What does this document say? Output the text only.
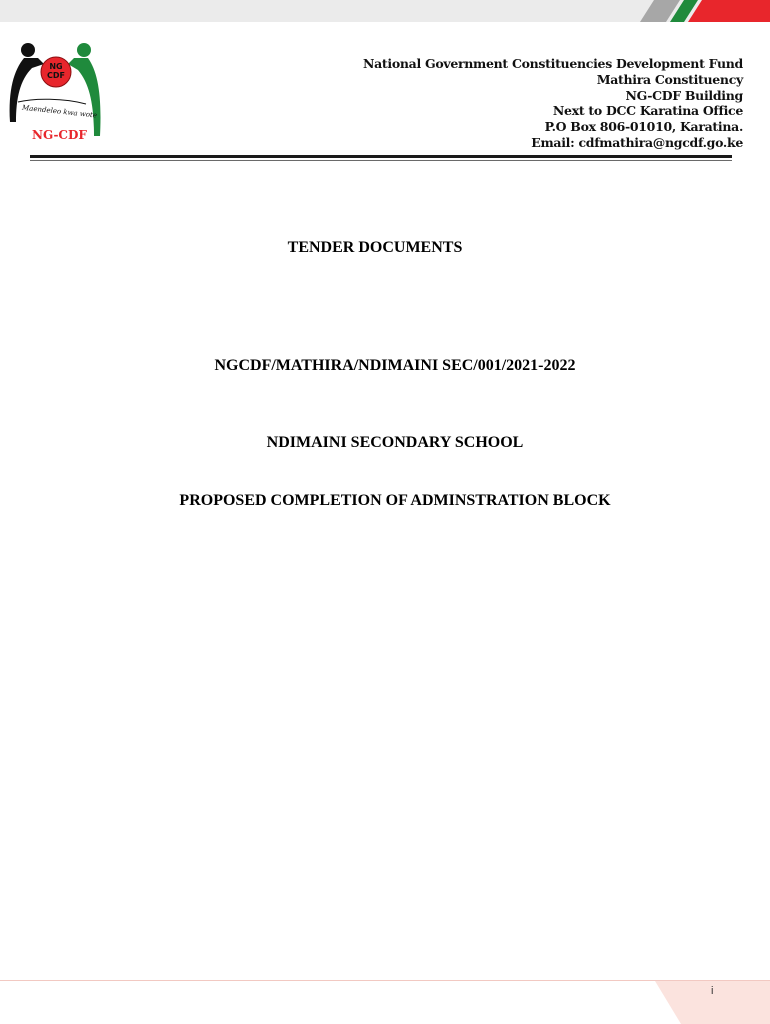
NG
CDF
Maendeleo kwa wote
NG-CDF
National Government Constituencies Development Fund
Mathira Constituency
NG-CDF Building
Next to DCC Karatina Office
P.O Box 806-01010, Karatina.
Email: cdfmathira@ngcdf.go.ke
TENDER DOCUMENTS
NGCDF/MATHIRA/NDIMAINI SEC/001/2021-2022
NDIMAINI SECONDARY SCHOOL
PROPOSED COMPLETION OF ADMINSTRATION BLOCK
i
